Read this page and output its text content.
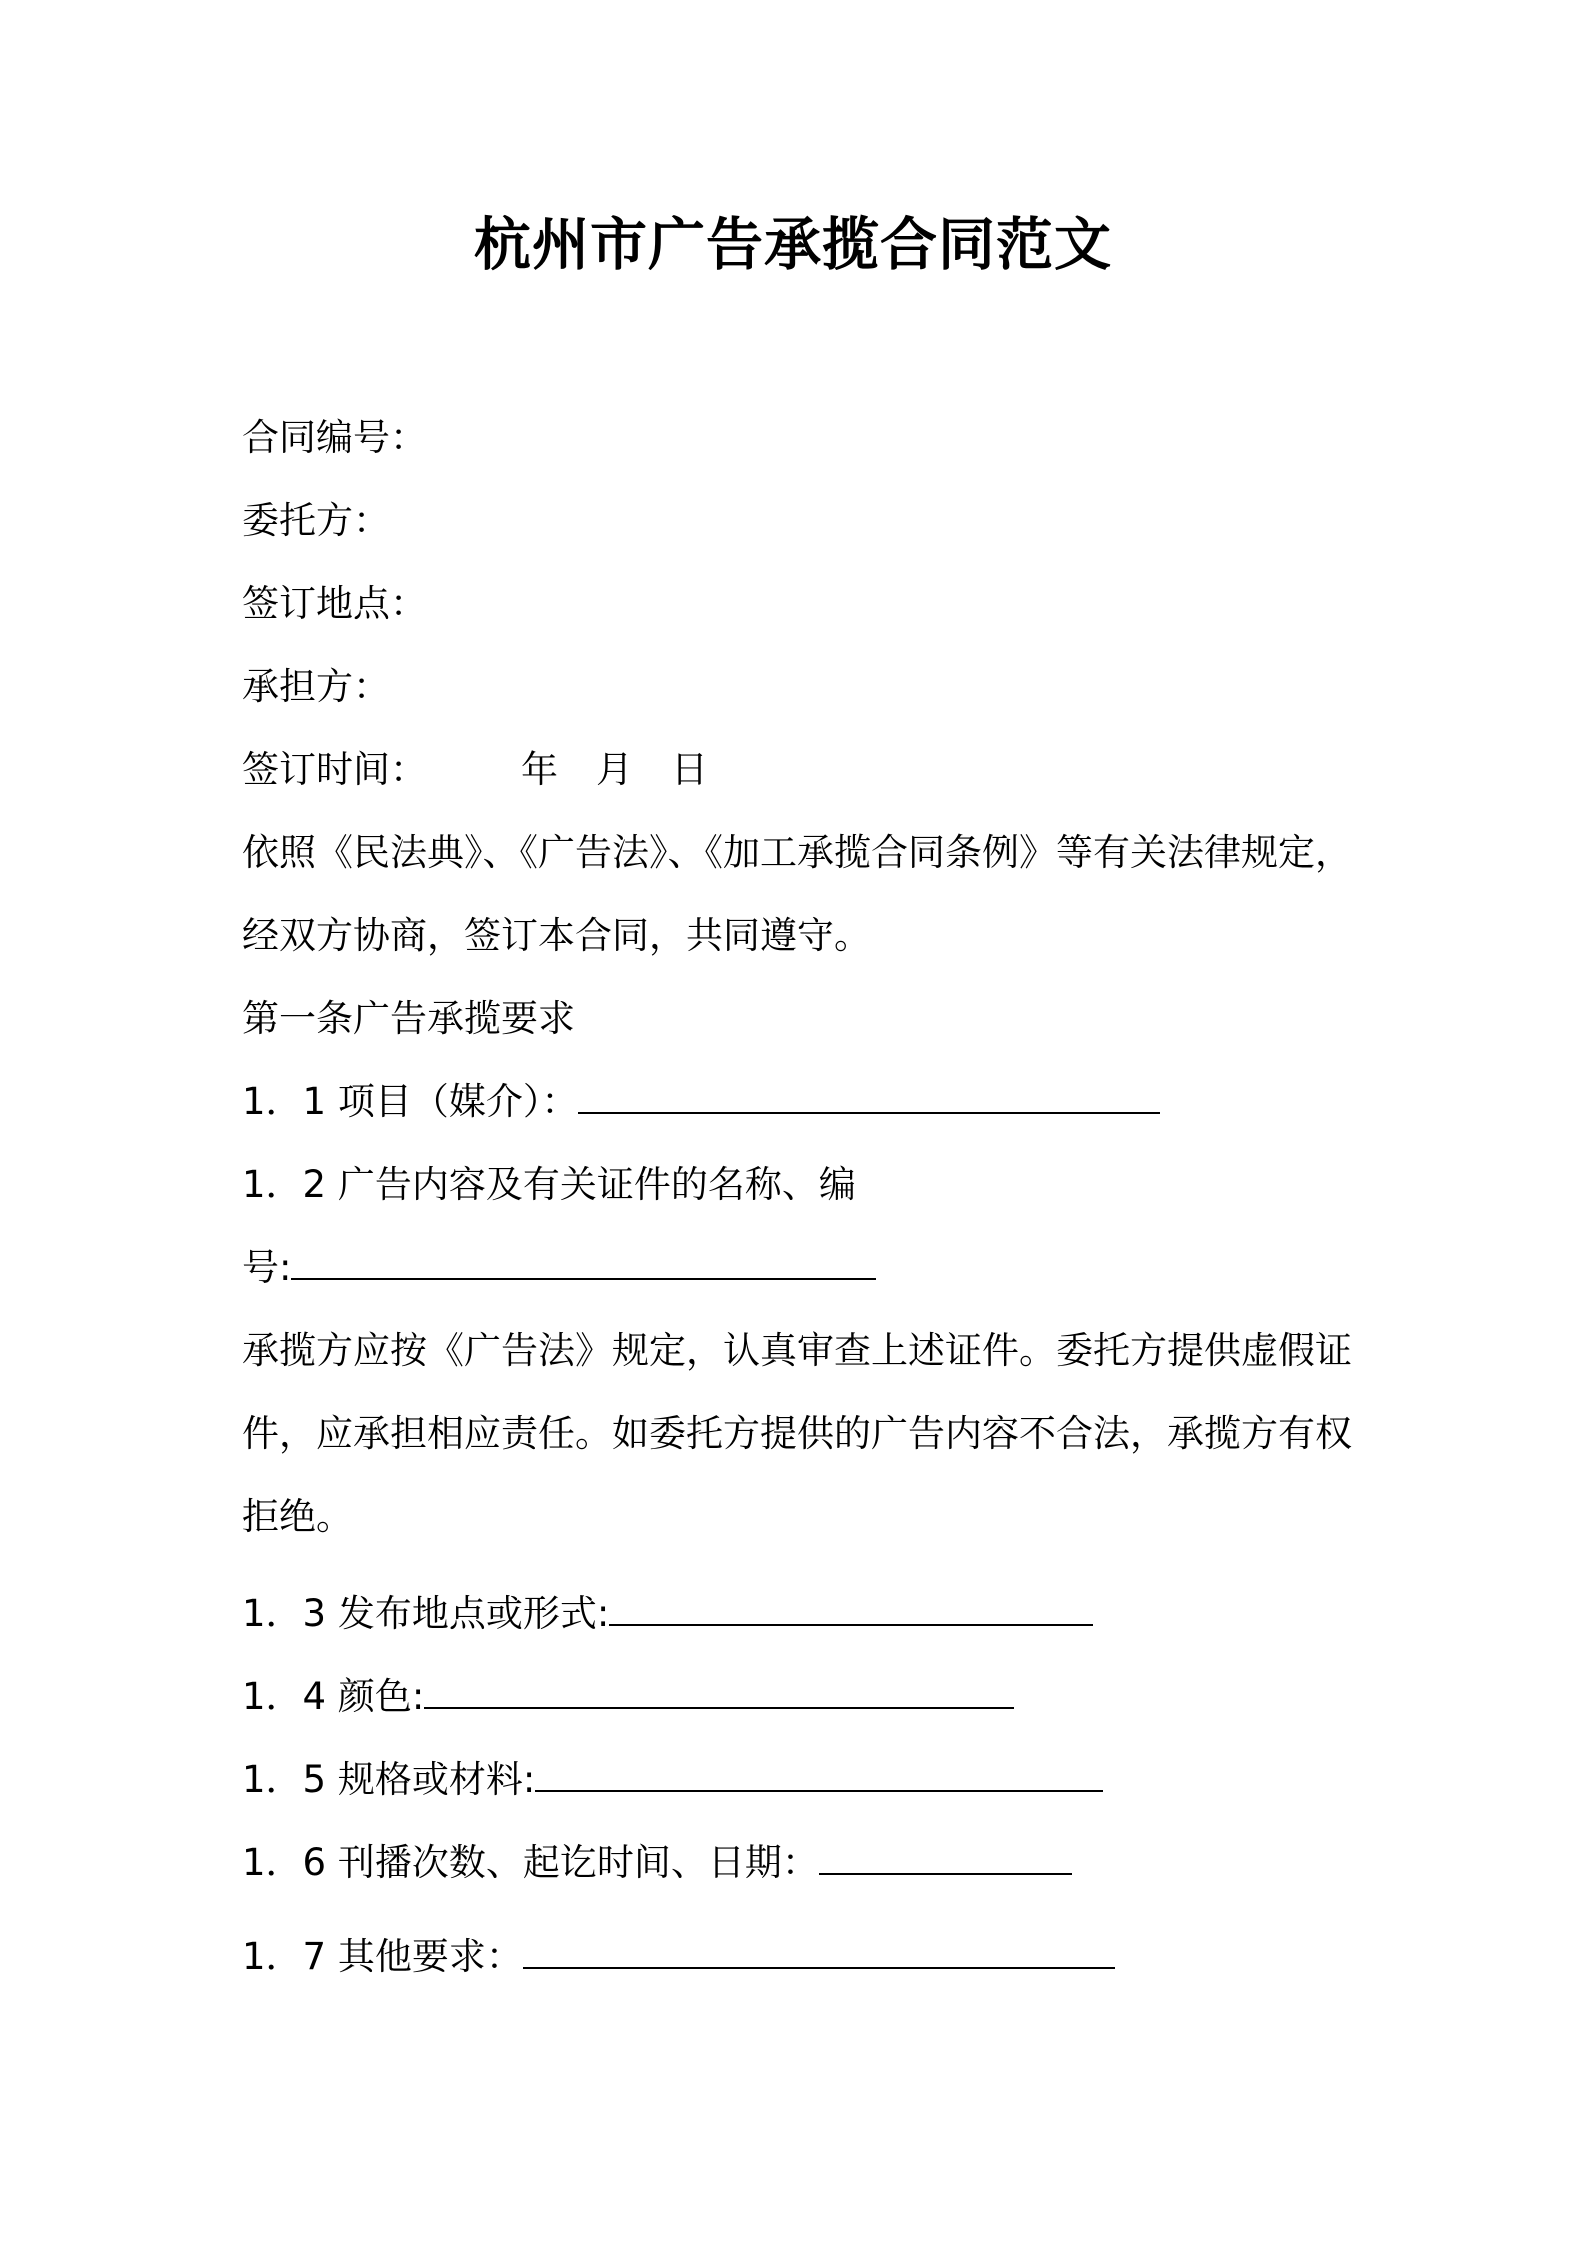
杭州市广告承揽合同范文

合同编号：

委托方：

签订地点：

承担方：

签订时间：	年 月 日

依照《民法典》、《广告法》、《加工承揽合同条例》等有关法律规定，

经双方协商，签订本合同，共同遵守。

第一条广告承揽要求

1．1 项目（媒介）：

1．2 广告内容及有关证件的名称、编

号:

承揽方应按《广告法》规定，认真审查上述证件。委托方提供虚假证

件，应承担相应责任。如委托方提供的广告内容不合法，承揽方有权

拒绝。

1．3 发布地点或形式:

1．4 颜色:

1．5 规格或材料:

1．6 刊播次数、起讫时间、日期：

1．7 其他要求：
